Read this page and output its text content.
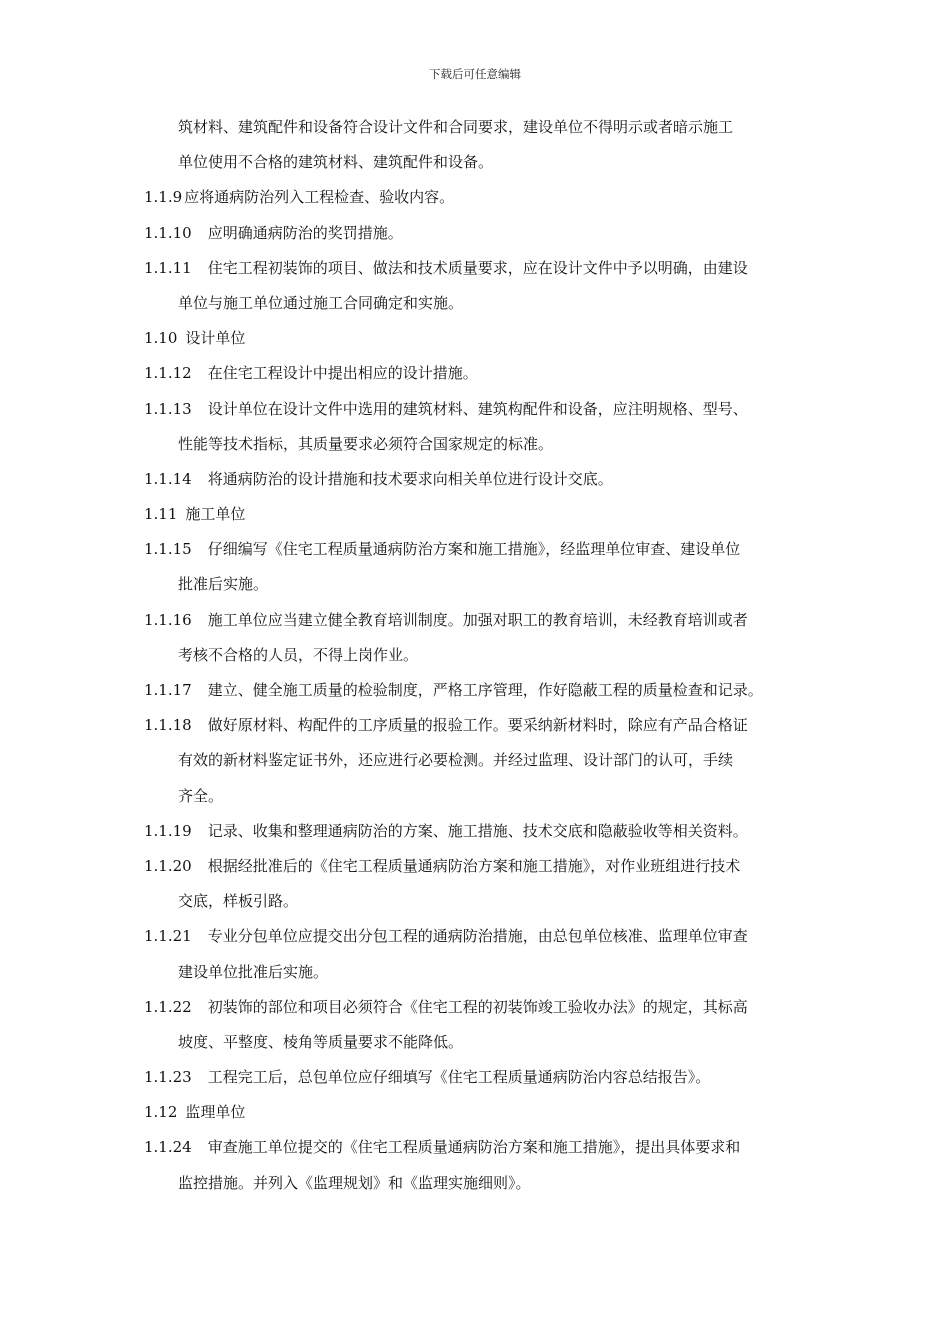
下载后可任意编辑
筑材料、建筑配件和设备符合设计文件和合同要求，建设单位不得明示或者暗示施工
单位使用不合格的建筑材料、建筑配件和设备。
1.1.9 应将通病防治列入工程检查、验收内容。
1.1.10 应明确通病防治的奖罚措施。
1.1.11 住宅工程初装饰的项目、做法和技术质量要求，应在设计文件中予以明确，由建设
单位与施工单位通过施工合同确定和实施。
1.10 设计单位
1.1.12 在住宅工程设计中提出相应的设计措施。
1.1.13 设计单位在设计文件中选用的建筑材料、建筑构配件和设备，应注明规格、型号、
性能等技术指标，其质量要求必须符合国家规定的标准。
1.1.14 将通病防治的设计措施和技术要求向相关单位进行设计交底。
1.11 施工单位
1.1.15 仔细编写《住宅工程质量通病防治方案和施工措施》，经监理单位审查、建设单位
批准后实施。
1.1.16 施工单位应当建立健全教育培训制度。加强对职工的教育培训，未经教育培训或者
考核不合格的人员，不得上岗作业。
1.1.17 建立、健全施工质量的检验制度，严格工序管理，作好隐蔽工程的质量检查和记录。
1.1.18 做好原材料、构配件的工序质量的报验工作。要采纳新材料时，除应有产品合格证
有效的新材料鉴定证书外，还应进行必要检测。并经过监理、设计部门的认可，手续
齐全。
1.1.19 记录、收集和整理通病防治的方案、施工措施、技术交底和隐蔽验收等相关资料。
1.1.20 根据经批准后的《住宅工程质量通病防治方案和施工措施》，对作业班组进行技术
交底，样板引路。
1.1.21 专业分包单位应提交出分包工程的通病防治措施，由总包单位核准、监理单位审查
建设单位批准后实施。
1.1.22 初装饰的部位和项目必须符合《住宅工程的初装饰竣工验收办法》的规定，其标高
坡度、平整度、棱角等质量要求不能降低。
1.1.23 工程完工后，总包单位应仔细填写《住宅工程质量通病防治内容总结报告》。
1.12 监理单位
1.1.24 审查施工单位提交的《住宅工程质量通病防治方案和施工措施》，提出具体要求和
监控措施。并列入《监理规划》和《监理实施细则》。
